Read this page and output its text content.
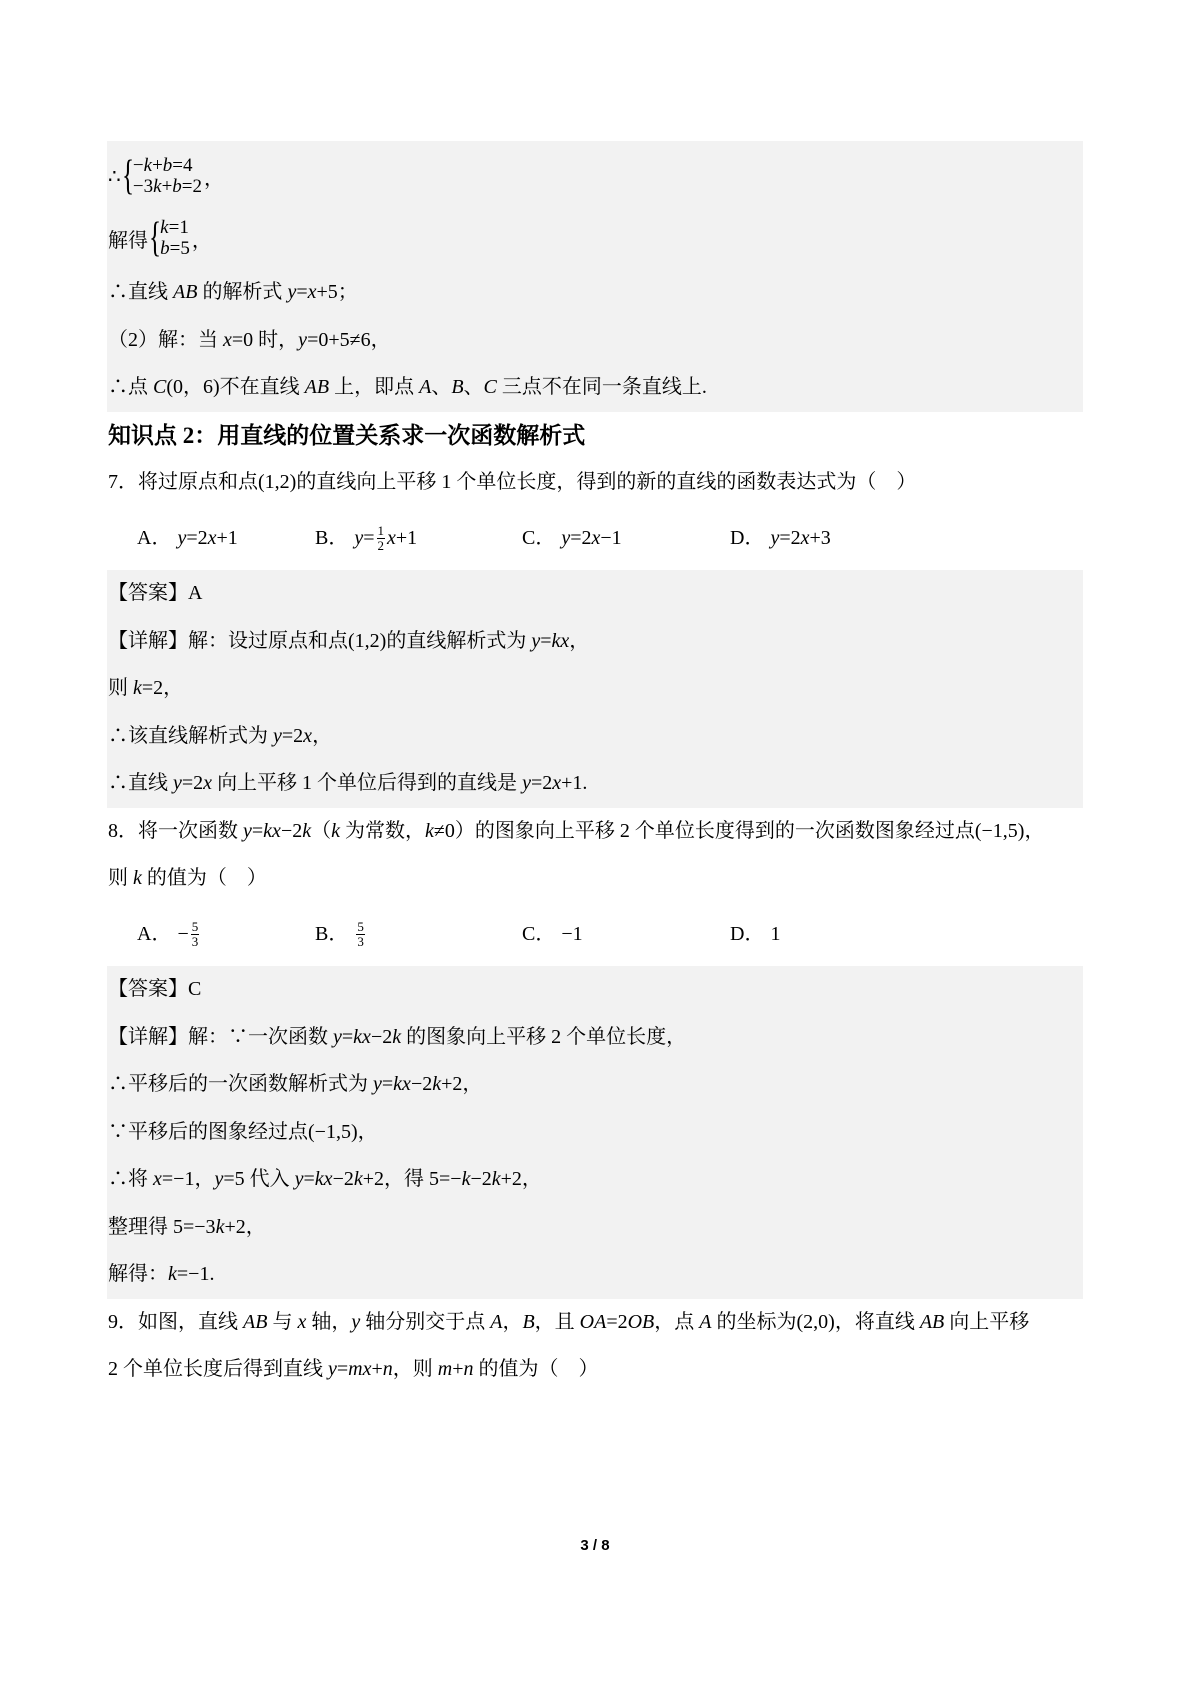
∴ { −k+b=4
−3k+b=2 ，
解得 { k=1
b=5 ，
∴直线 AB 的解析式 y=x+5；
（2）解：当 x=0 时，y=0+5≠6，
∴点 C(0，6)不在直线 AB 上，即点 A、B、C 三点不在同一条直线上.
知识点 2：用直线的位置关系求一次函数解析式
7．将过原点和点(1,2)的直线向上平移 1 个单位长度，得到的新的直线的函数表达式为（　）
A． y=2x+1	B． $y= \frac{1}{2} x+1$	C． y=2x−1	D． y=2x+3
【答案】A
【详解】解：设过原点和点(1,2)的直线解析式为 y=kx，
则 k=2，
∴该直线解析式为 y=2x，
∴直线 y=2x 向上平移 1 个单位后得到的直线是 y=2x+1.
8．将一次函数 y=kx−2k（k 为常数，k≠0）的图象向上平移 2 个单位长度得到的一次函数图象经过点(−1,5)，
则 k 的值为（　）
A． − $\frac{5}{3}$	B． $\frac{5}{3}$	C． −1	D． 1
【答案】C
【详解】解：∵一次函数 y=kx−2k 的图象向上平移 2 个单位长度，
∴平移后的一次函数解析式为 y=kx−2k+2，
∵平移后的图象经过点(−1,5)，
∴将 x=−1，y=5 代入 y=kx−2k+2，得 5=−k−2k+2，
整理得 5=−3k+2，
解得：k=−1.
9．如图，直线 AB 与 x 轴，y 轴分别交于点 A，B，且 OA=2OB，点 A 的坐标为(2,0)，将直线 AB 向上平移
2 个单位长度后得到直线 y=mx+n，则 m+n 的值为（　）
3 / 8
